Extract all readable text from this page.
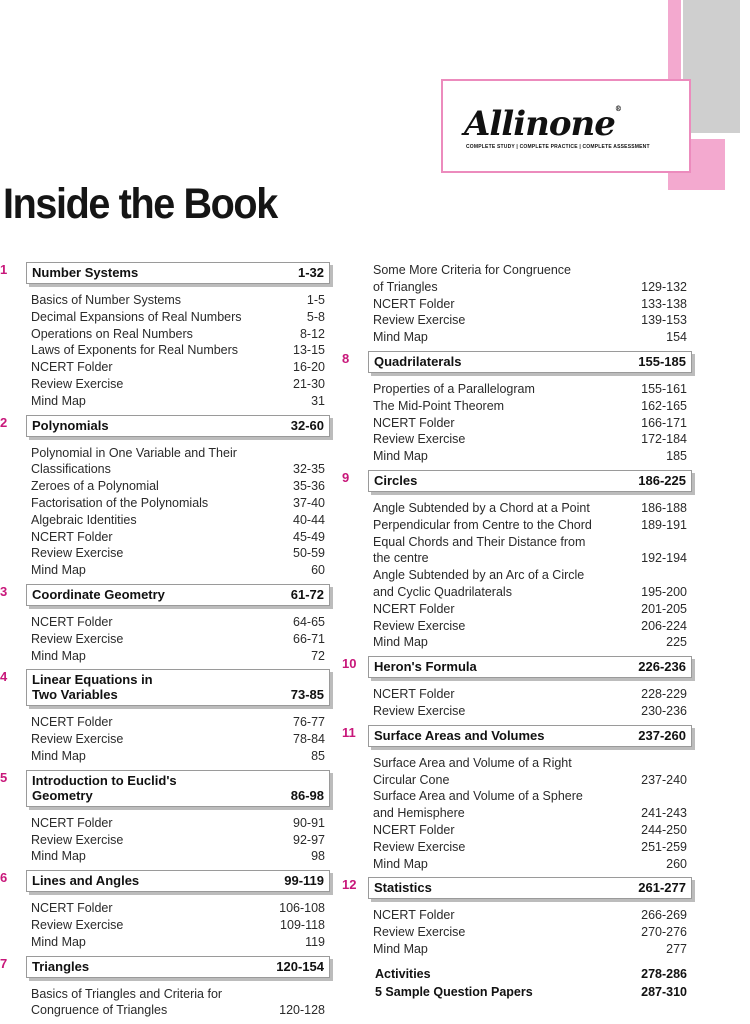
Allinone®
COMPLETE STUDY | COMPLETE PRACTICE | COMPLETE ASSESSMENT
Inside the Book
1 Number Systems	1-32
Basics of Number Systems	1-5
Decimal Expansions of Real Numbers	5-8
Operations on Real Numbers	8-12
Laws of Exponents for Real Numbers	13-15
NCERT Folder	16-20
Review Exercise	21-30
Mind Map	31
2 Polynomials	32-60
Polynomial in One Variable and Their
Classifications	32-35
Zeroes of a Polynomial	35-36
Factorisation of the Polynomials	37-40
Algebraic Identities	40-44
NCERT Folder	45-49
Review Exercise	50-59
Mind Map	60
3 Coordinate Geometry	61-72
NCERT Folder	64-65
Review Exercise	66-71
Mind Map	72
4 Linear Equations in
Two Variables	73-85
NCERT Folder	76-77
Review Exercise	78-84
Mind Map	85
5 Introduction to Euclid's
Geometry	86-98
NCERT Folder	90-91
Review Exercise	92-97
Mind Map	98
6 Lines and Angles	99-119
NCERT Folder	106-108
Review Exercise	109-118
Mind Map	119
7 Triangles	120-154
Basics of Triangles and Criteria for
Congruence of Triangles	120-128
Some More Criteria for Congruence
of Triangles	129-132
NCERT Folder	133-138
Review Exercise	139-153
Mind Map	154
8 Quadrilaterals	155-185
Properties of a Parallelogram	155-161
The Mid-Point Theorem	162-165
NCERT Folder	166-171
Review Exercise	172-184
Mind Map	185
9 Circles	186-225
Angle Subtended by a Chord at a Point	186-188
Perpendicular from Centre to the Chord	189-191
Equal Chords and Their Distance from
the centre	192-194
Angle Subtended by an Arc of a Circle
and Cyclic Quadrilaterals	195-200
NCERT Folder	201-205
Review Exercise	206-224
Mind Map	225
10 Heron's Formula	226-236
NCERT Folder	228-229
Review Exercise	230-236
11 Surface Areas and Volumes	237-260
Surface Area and Volume of a Right
Circular Cone	237-240
Surface Area and Volume of a Sphere
and Hemisphere	241-243
NCERT Folder	244-250
Review Exercise	251-259
Mind Map	260
12 Statistics	261-277
NCERT Folder	266-269
Review Exercise	270-276
Mind Map	277
Activities	278-286
5 Sample Question Papers	287-310
